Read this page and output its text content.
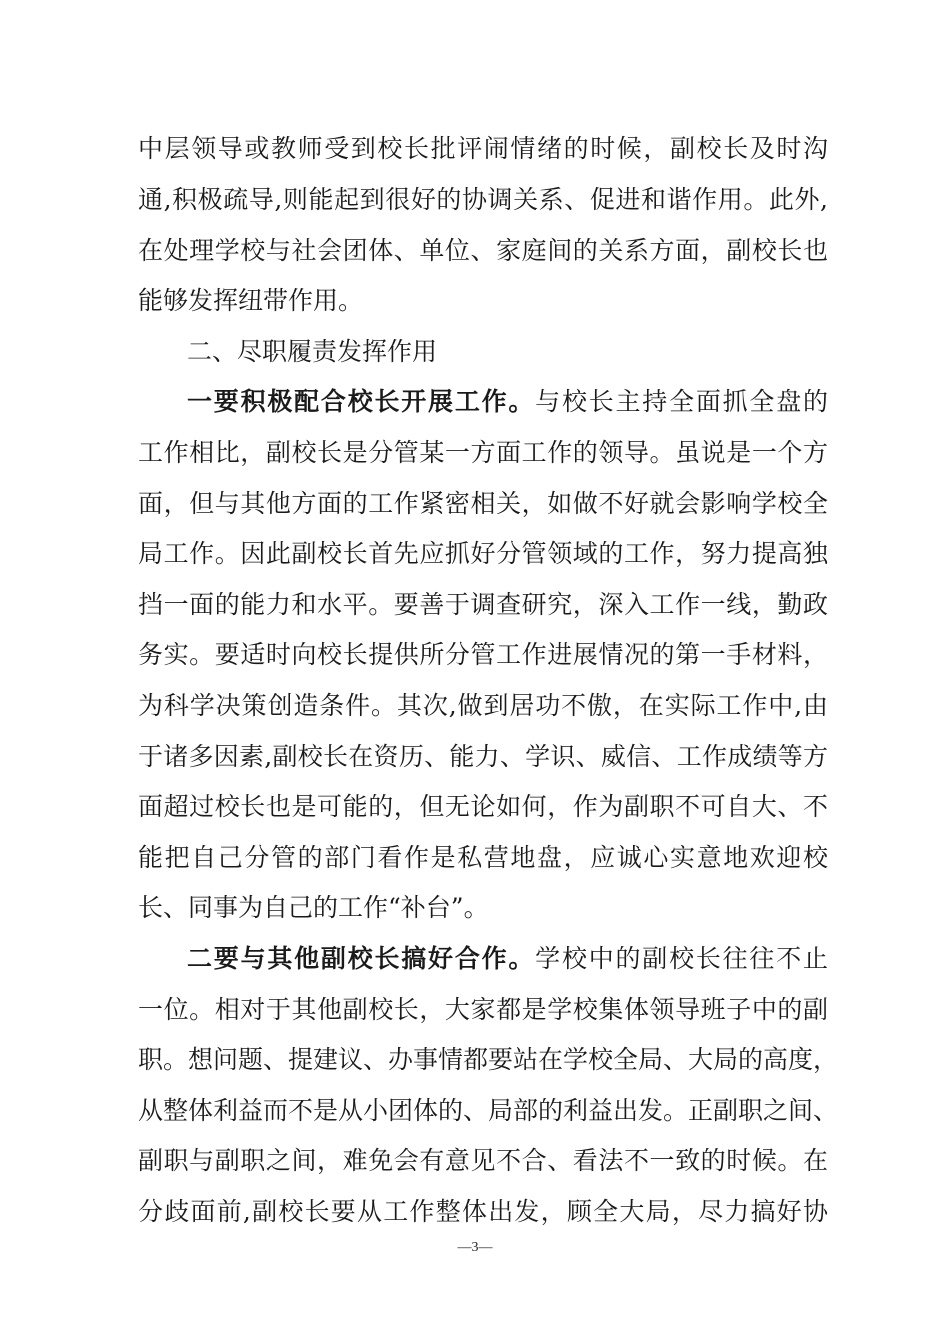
中层领导或教师受到校长批评闹情绪的时候，副校长及时沟
通,积极疏导,则能起到很好的协调关系、促进和谐作用。此外,
在处理学校与社会团体、单位、家庭间的关系方面，副校长也
能够发挥纽带作用。
二、尽职履责发挥作用
一要积极配合校长开展工作。与校长主持全面抓全盘的
工作相比，副校长是分管某一方面工作的领导。虽说是一个方
面，但与其他方面的工作紧密相关，如做不好就会影响学校全
局工作。因此副校长首先应抓好分管领域的工作，努力提高独
挡一面的能力和水平。要善于调查研究，深入工作一线，勤政
务实。要适时向校长提供所分管工作进展情况的第一手材料，
为科学决策创造条件。其次,做到居功不傲，在实际工作中,由
于诸多因素,副校长在资历、能力、学识、威信、工作成绩等方
面超过校长也是可能的，但无论如何，作为副职不可自大、不
能把自己分管的部门看作是私营地盘，应诚心实意地欢迎校
长、同事为自己的工作“补台”。
二要与其他副校长搞好合作。学校中的副校长往往不止
一位。相对于其他副校长，大家都是学校集体领导班子中的副
职。想问题、提建议、办事情都要站在学校全局、大局的高度，
从整体利益而不是从小团体的、局部的利益出发。正副职之间、
副职与副职之间，难免会有意见不合、看法不一致的时候。在
分歧面前,副校长要从工作整体出发，顾全大局，尽力搞好协
—3—
